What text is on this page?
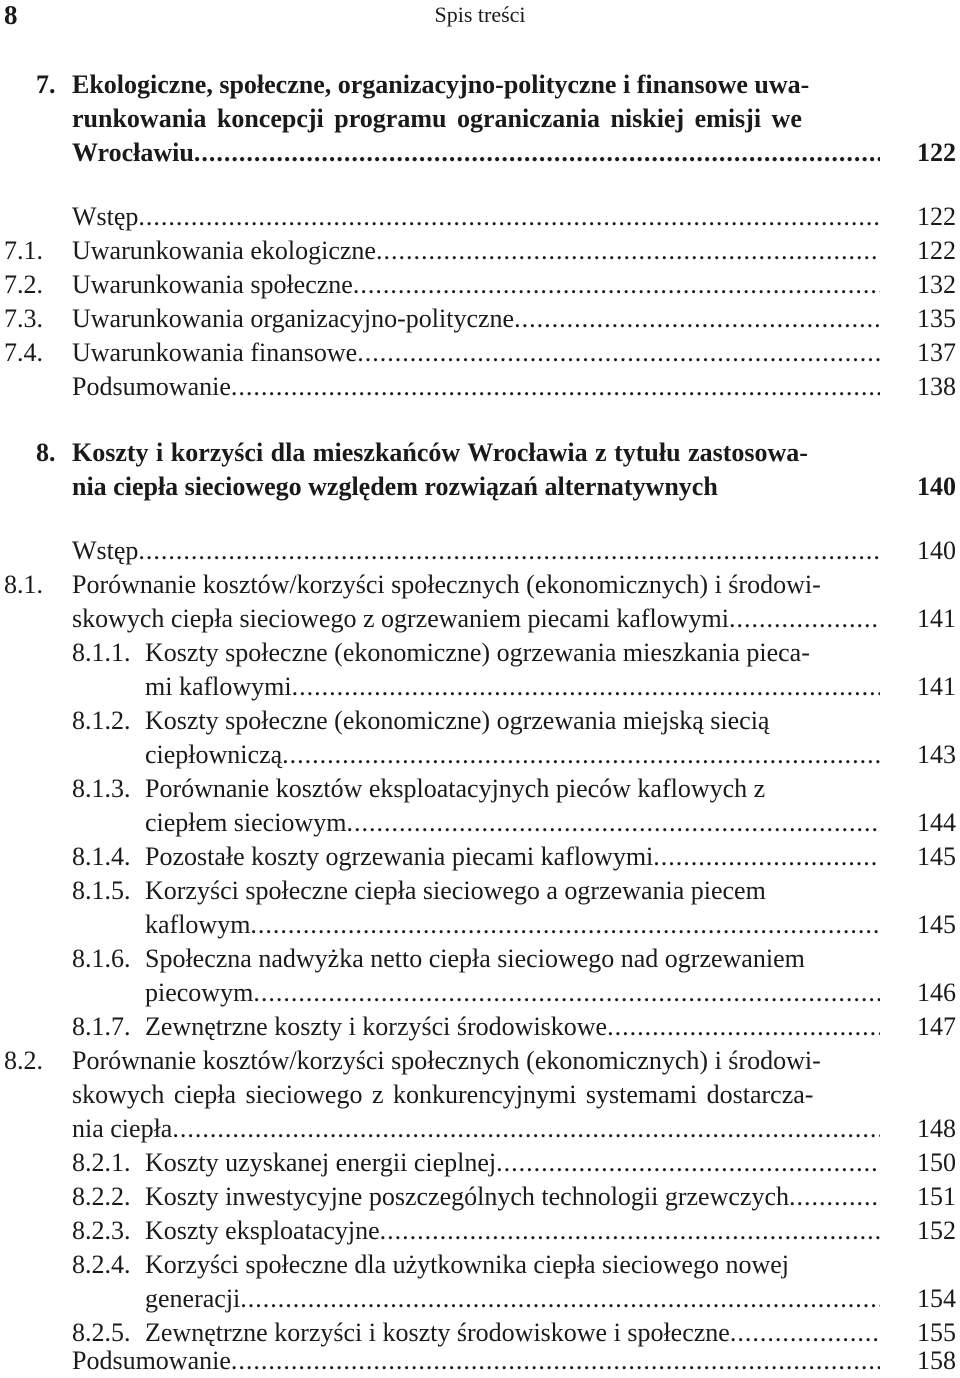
8	Spis treści
7. Ekologiczne, społeczne, organizacyjno-polityczne i finansowe uwa-
runkowania koncepcji programu ograniczania niskiej emisji we
Wrocławiu .....	122
Wstęp .....	122
7.1. Uwarunkowania ekologiczne .....	122
7.2. Uwarunkowania społeczne .....	132
7.3. Uwarunkowania organizacyjno-polityczne .....	135
7.4. Uwarunkowania finansowe .....	137
Podsumowanie .....	138
8. Koszty i korzyści dla mieszkańców Wrocławia z tytułu zastosowa-
nia ciepła sieciowego względem rozwiązań alternatywnych	140
Wstęp .....	140
8.1. Porównanie kosztów/korzyści społecznych (ekonomicznych) i środowi-
skowych ciepła sieciowego z ogrzewaniem piecami kaflowymi .....	141
8.1.1. Koszty społeczne (ekonomiczne) ogrzewania mieszkania pieca-
mi kaflowymi .....	141
8.1.2. Koszty społeczne (ekonomiczne) ogrzewania miejską siecią
ciepłowniczą .....	143
8.1.3. Porównanie kosztów eksploatacyjnych pieców kaflowych z
ciepłem sieciowym .....	144
8.1.4. Pozostałe koszty ogrzewania piecami kaflowymi .....	145
8.1.5. Korzyści społeczne ciepła sieciowego a ogrzewania piecem
kaflowym .....	145
8.1.6. Społeczna nadwyżka netto ciepła sieciowego nad ogrzewaniem
piecowym .....	146
8.1.7. Zewnętrzne koszty i korzyści środowiskowe .....	147
8.2. Porównanie kosztów/korzyści społecznych (ekonomicznych) i środowi-
skowych ciepła sieciowego z konkurencyjnymi systemami dostarcza-
nia ciepła .....	148
8.2.1. Koszty uzyskanej energii cieplnej .....	150
8.2.2. Koszty inwestycyjne poszczególnych technologii grzewczych .....	151
8.2.3. Koszty eksploatacyjne .....	152
8.2.4. Korzyści społeczne dla użytkownika ciepła sieciowego nowej
generacji .....	154
8.2.5. Zewnętrzne korzyści i koszty środowiskowe i społeczne .....	155
Podsumowanie .....	158
